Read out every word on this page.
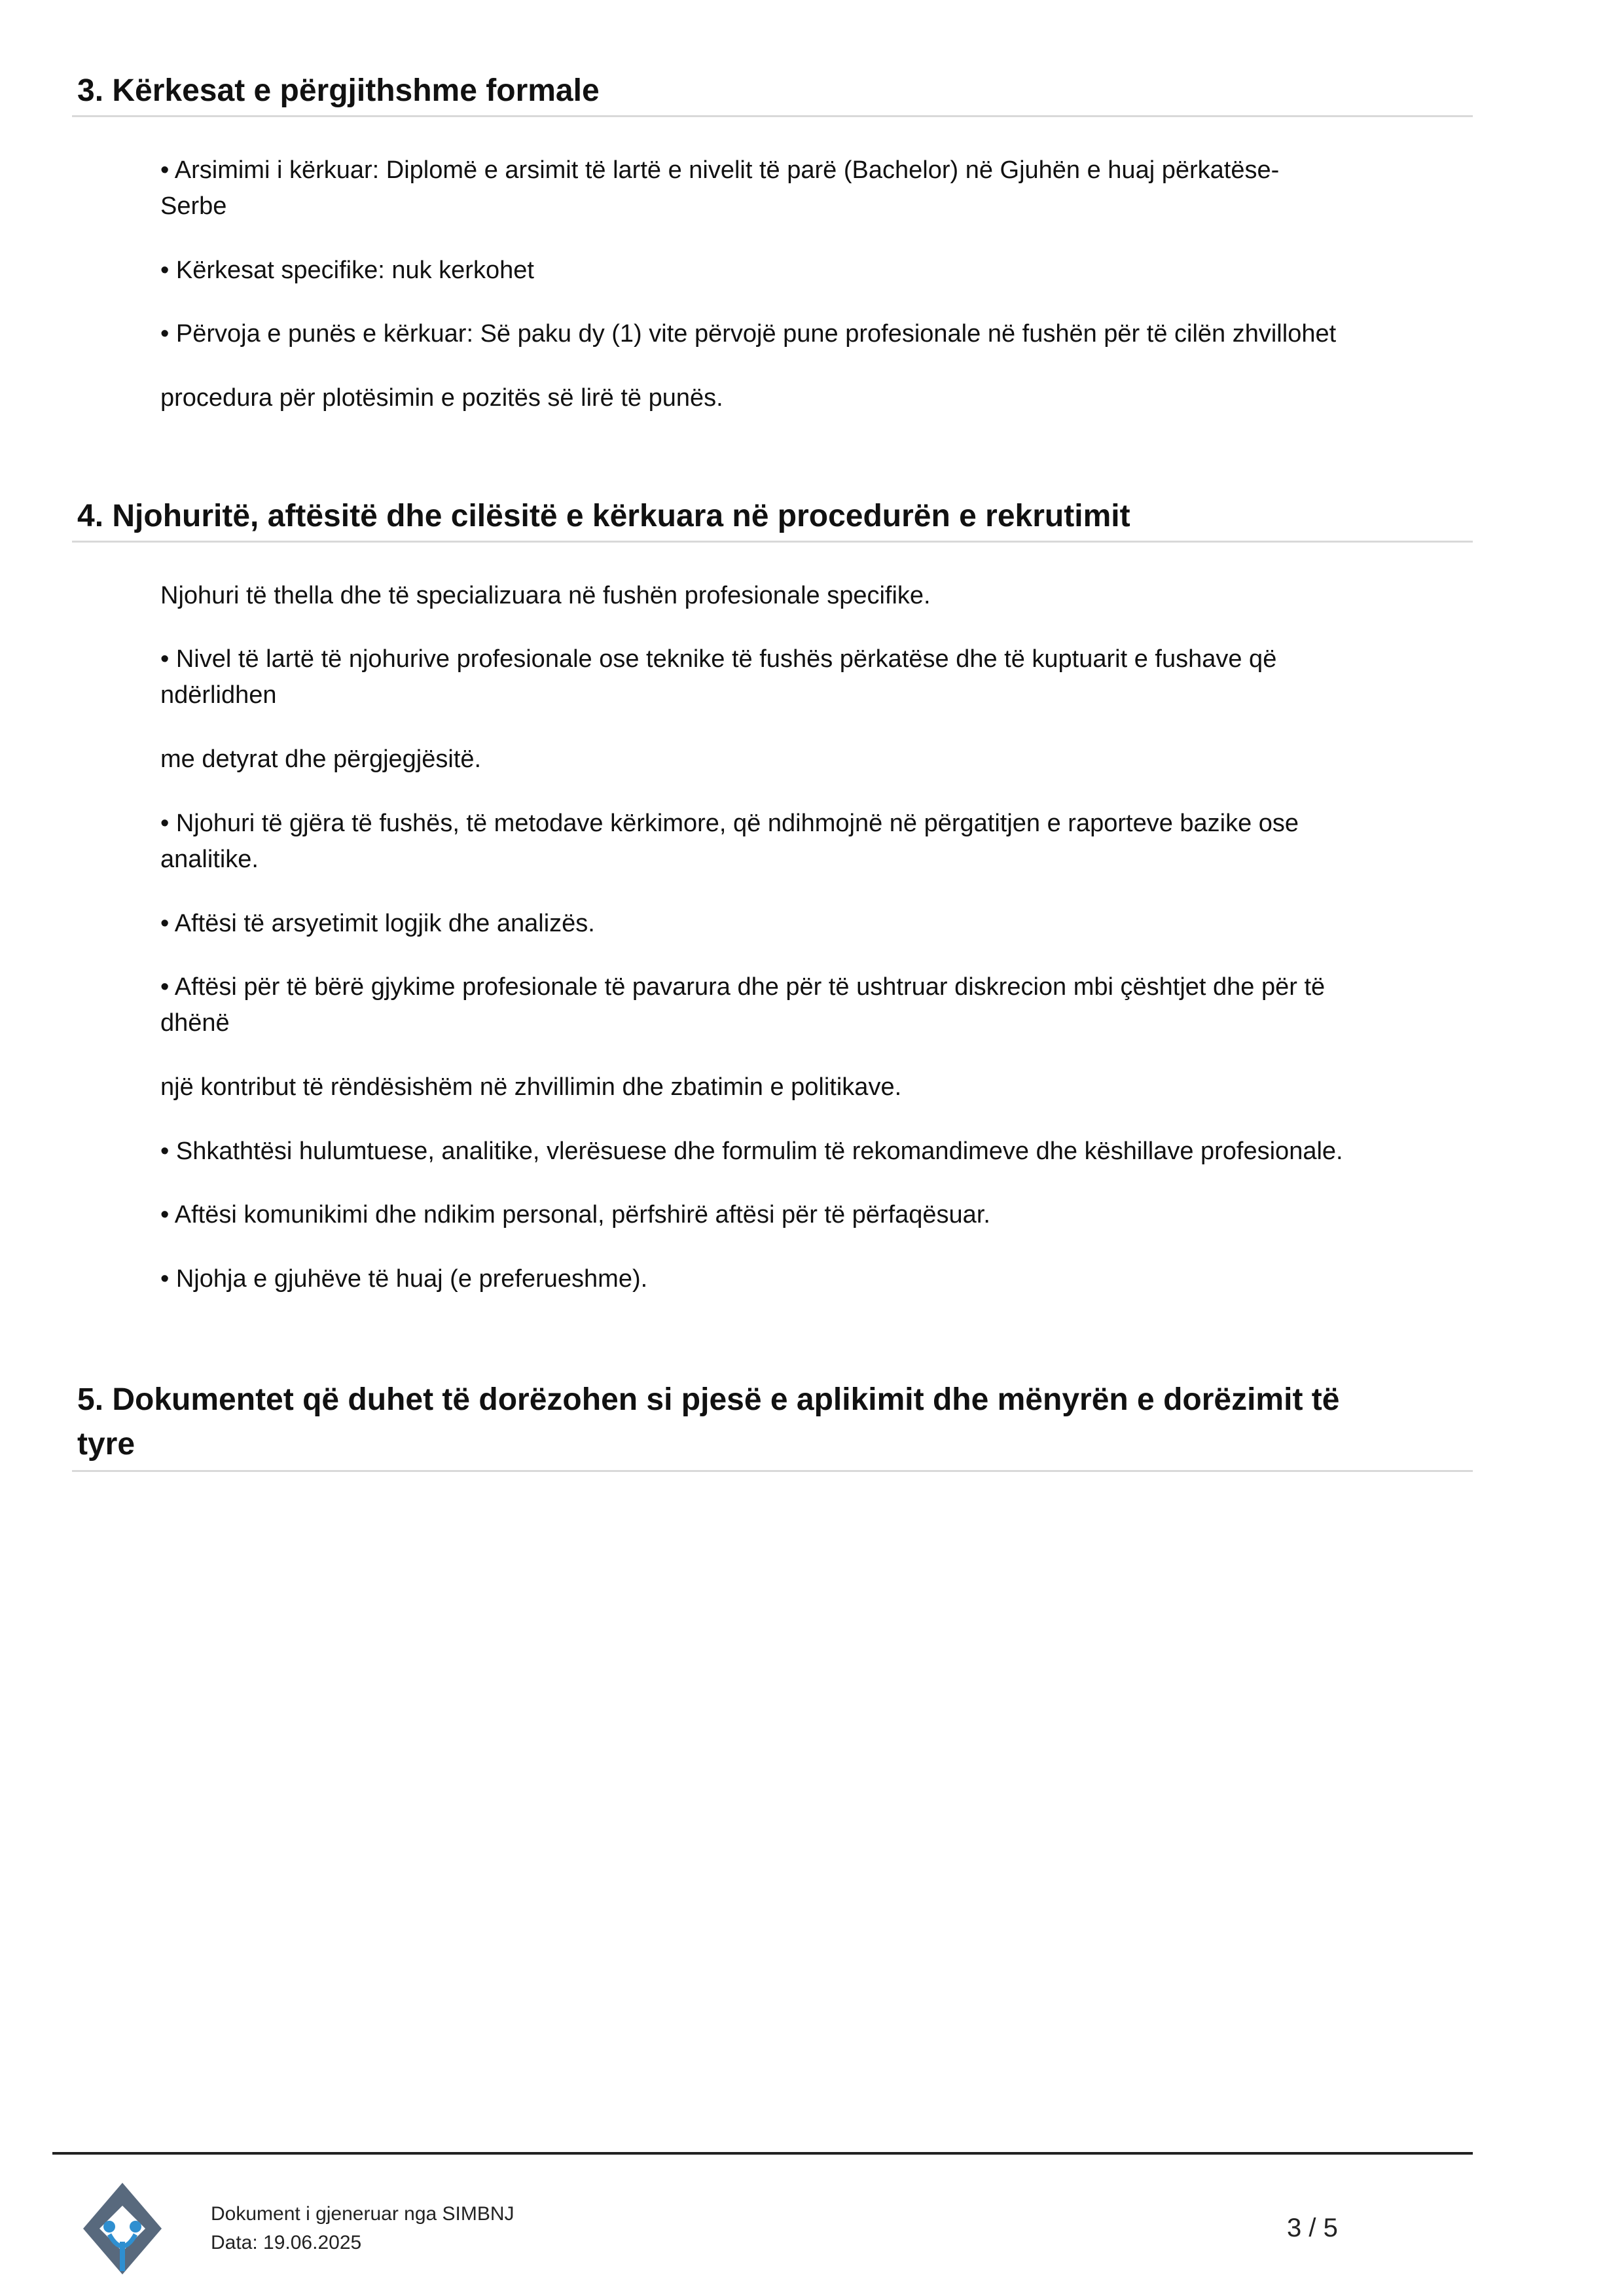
3. Kërkesat e përgjithshme formale

• Arsimimi i kërkuar: Diplomë e arsimit të lartë e nivelit të parë (Bachelor) në Gjuhën e huaj përkatëse-

Serbe

• Kërkesat specifike: nuk kerkohet

• Përvoja e punës e kërkuar: Së paku dy (1) vite përvojë pune profesionale në fushën për të cilën zhvillohet

procedura për plotësimin e pozitës së lirë të punës.

4. Njohuritë, aftësitë dhe cilësitë e kërkuara në procedurën e rekrutimit

Njohuri të thella dhe të specializuara në fushën profesionale specifike.

• Nivel të lartë të njohurive profesionale ose teknike të fushës përkatëse dhe të kuptuarit e fushave që

ndërlidhen

me detyrat dhe përgjegjësitë.

• Njohuri të gjëra të fushës, të metodave kërkimore, që ndihmojnë në përgatitjen e raporteve bazike ose

analitike.

• Aftësi të arsyetimit logjik dhe analizës.

• Aftësi për të bërë gjykime profesionale të pavarura dhe për të ushtruar diskrecion mbi çështjet dhe për të

dhënë

një kontribut të rëndësishëm në zhvillimin dhe zbatimin e politikave.

• Shkathtësi hulumtuese, analitike, vlerësuese dhe formulim të rekomandimeve dhe këshillave profesionale.

• Aftësi komunikimi dhe ndikim personal, përfshirë aftësi për të përfaqësuar.

• Njohja e gjuhëve të huaj (e preferueshme).

5. Dokumentet që duhet të dorëzohen si pjesë e aplikimit dhe mënyrën e dorëzimit të
tyre
Dokument i gjeneruar nga SIMBNJ
Data: 19.06.2025
3 / 5
